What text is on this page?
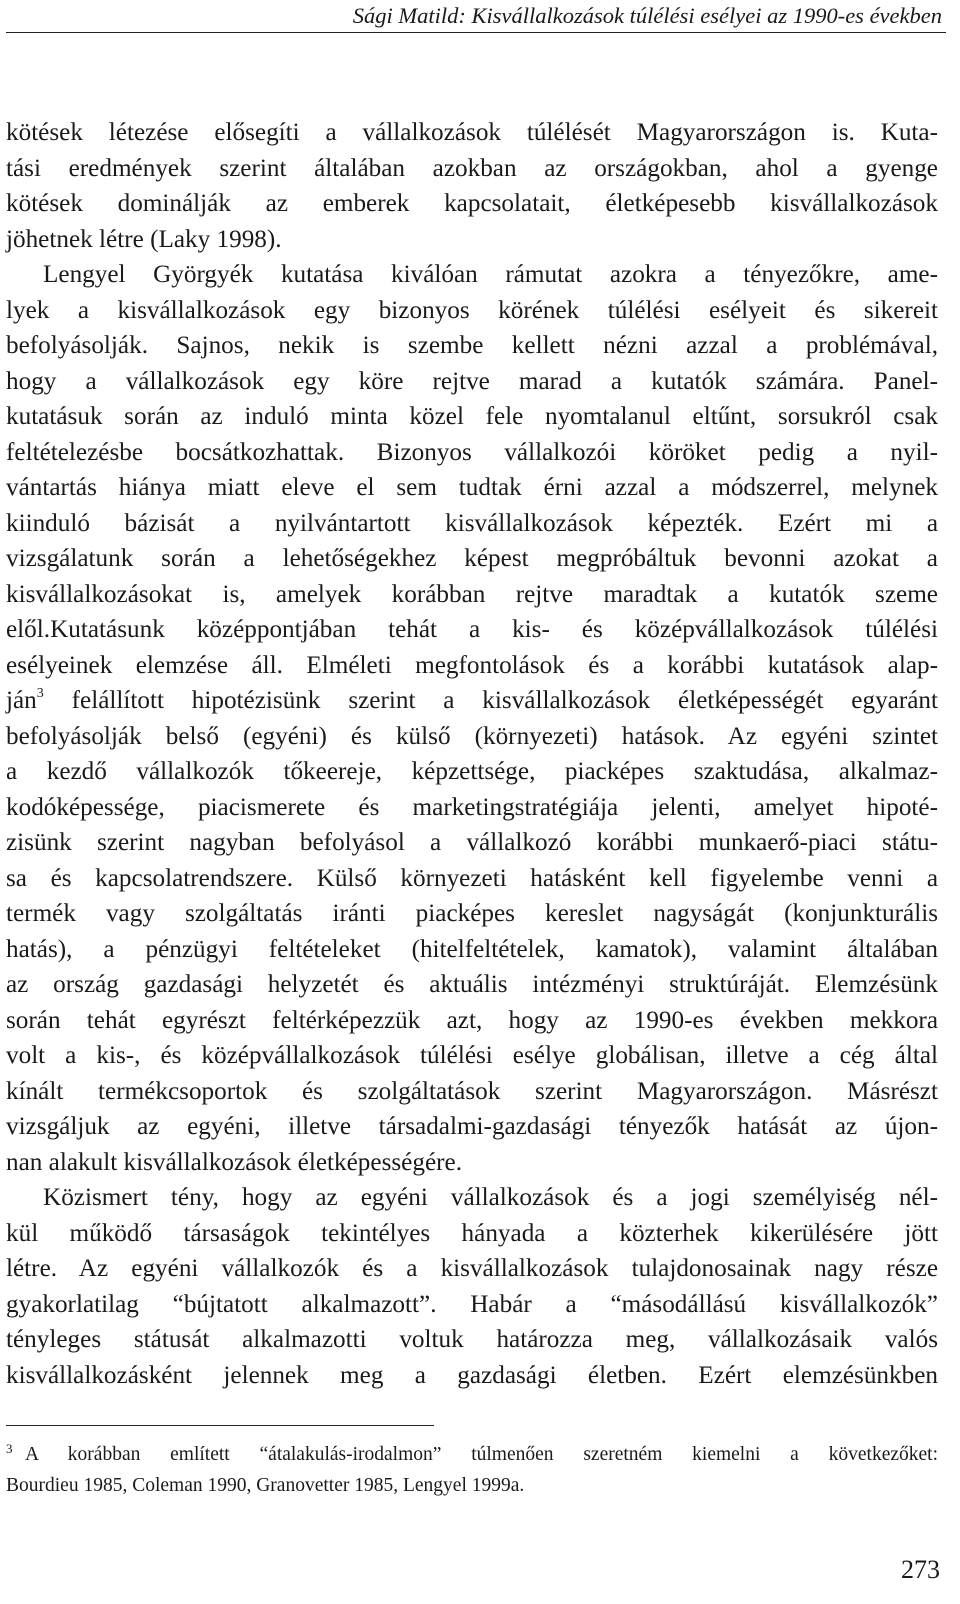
Sági Matild: Kisvállalkozások túlélési esélyei az 1990-es években
kötések létezése elősegíti a vállalkozások túlélését Magyarországon is. Kuta-
tási eredmények szerint általában azokban az országokban, ahol a gyenge
kötések dominálják az emberek kapcsolatait, életképesebb kisvállalkozások
jöhetnek létre (Laky 1998).
Lengyel Györgyék kutatása kiválóan rámutat azokra a tényezőkre, ame-
lyek a kisvállalkozások egy bizonyos körének túlélési esélyeit és sikereit
befolyásolják. Sajnos, nekik is szembe kellett nézni azzal a problémával,
hogy a vállalkozások egy köre rejtve marad a kutatók számára. Panel-
kutatásuk során az induló minta közel fele nyomtalanul eltűnt, sorsukról csak
feltételezésbe bocsátkozhattak. Bizonyos vállalkozói köröket pedig a nyil-
vántartás hiánya miatt eleve el sem tudtak érni azzal a módszerrel, melynek
kiinduló bázisát a nyilvántartott kisvállalkozások képezték. Ezért mi a
vizsgálatunk során a lehetőségekhez képest megpróbáltuk bevonni azokat a
kisvállalkozásokat is, amelyek korábban rejtve maradtak a kutatók szeme
elől.Kutatásunk középpontjában tehát a kis- és középvállalkozások túlélési
esélyeinek elemzése áll. Elméleti megfontolások és a korábbi kutatások alap-
ján$^3$ felállított hipotézisünk szerint a kisvállalkozások életképességét egyaránt
befolyásolják belső (egyéni) és külső (környezeti) hatások. Az egyéni szintet
a kezdő vállalkozók tőkeereje, képzettsége, piacképes szaktudása, alkalmaz-
kodóképessége, piacismerete és marketingstratégiája jelenti, amelyet hipoté-
zisünk szerint nagyban befolyásol a vállalkozó korábbi munkaerő-piaci státu-
sa és kapcsolatrendszere. Külső környezeti hatásként kell figyelembe venni a
termék vagy szolgáltatás iránti piacképes kereslet nagyságát (konjunkturális
hatás), a pénzügyi feltételeket (hitelfeltételek, kamatok), valamint általában
az ország gazdasági helyzetét és aktuális intézményi struktúráját. Elemzésünk
során tehát egyrészt feltérképezzük azt, hogy az 1990-es években mekkora
volt a kis-, és középvállalkozások túlélési esélye globálisan, illetve a cég által
kínált termékcsoportok és szolgáltatások szerint Magyarországon. Másrészt
vizsgáljuk az egyéni, illetve társadalmi-gazdasági tényezők hatását az újon-
nan alakult kisvállalkozások életképességére.
Közismert tény, hogy az egyéni vállalkozások és a jogi személyiség nél-
kül működő társaságok tekintélyes hányada a közterhek kikerülésére jött
létre. Az egyéni vállalkozók és a kisvállalkozások tulajdonosainak nagy része
gyakorlatilag “bújtatott alkalmazott”. Habár a “másodállású kisvállalkozók”
tényleges státusát alkalmazotti voltuk határozza meg, vállalkozásaik valós
kisvállalkozásként jelennek meg a gazdasági életben. Ezért elemzésünkben
3 A korábban említett “átalakulás-irodalmon” túlmenően szeretném kiemelni a következőket:
Bourdieu 1985, Coleman 1990, Granovetter 1985, Lengyel 1999a.
273
